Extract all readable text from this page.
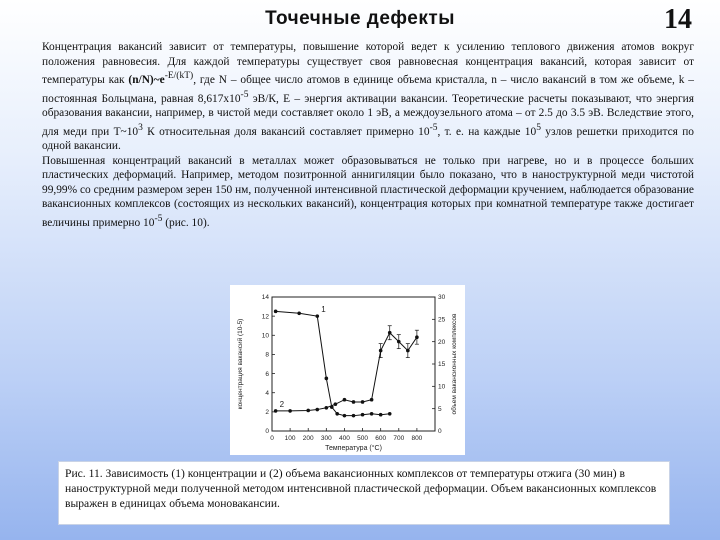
Точечные дефекты	14

Концентрация вакансий зависит от температуры, повышение которой ведет к усилению теплового движения атомов вокруг положения равновесия. Для каждой температуры существует своя равновесная концентрация вакансий, которая зависит от температуры как $(n/N)\sim e^{-E/(kT)}$, где N – общее число атомов в единице объема кристалла, n – число вакансий в том же объеме, k – постоянная Больцмана, равная $8,617х10^{-5}$ эВ/К, E – энергия активации вакансии. Теоретические расчеты показывают, что энергия образования вакансии, например, в чистой меди составляет около 1 эВ, а междоузельного атома – от 2.5 до 3.5 эВ. Вследствие этого, для меди при $Т\sim 10^3$ К относительная доля вакансий составляет примерно $10^{-5}$, т. е. на каждые $10^5$ узлов решетки приходится по одной вакансии.

Повышенная концентраций вакансий в металлах может образовываться не только при нагреве, но и в процессе больших пластических деформаций. Например, методом позитронной аннигиляции было показано, что в наноструктурной меди чистотой 99,99% со средним размером зерен 150 нм, полученной интенсивной пластической деформации кручением, наблюдается образование вакансионных комплексов (состоящих из нескольких вакансий), концентрация которых при комнатной температуре также достигает величины примерно $10^{-5}$ (рис. 10).

0 100 200 300 400 500 600 700 800
0
2
4
6
8
10
12
14
0
5
10
15
20
25
30
Температура (°С)
концентрация вакансий (10-5)	объем вакансионных комплексов
1
2
Рис. 11. Зависимость (1) концентрации и (2) объема вакансионных комплексов от температуры отжига (30 мин) в наноструктурной меди полученной методом интенсивной пластической деформации. Объем вакансионных комплексов выражен в единицах объема моновакансии.
